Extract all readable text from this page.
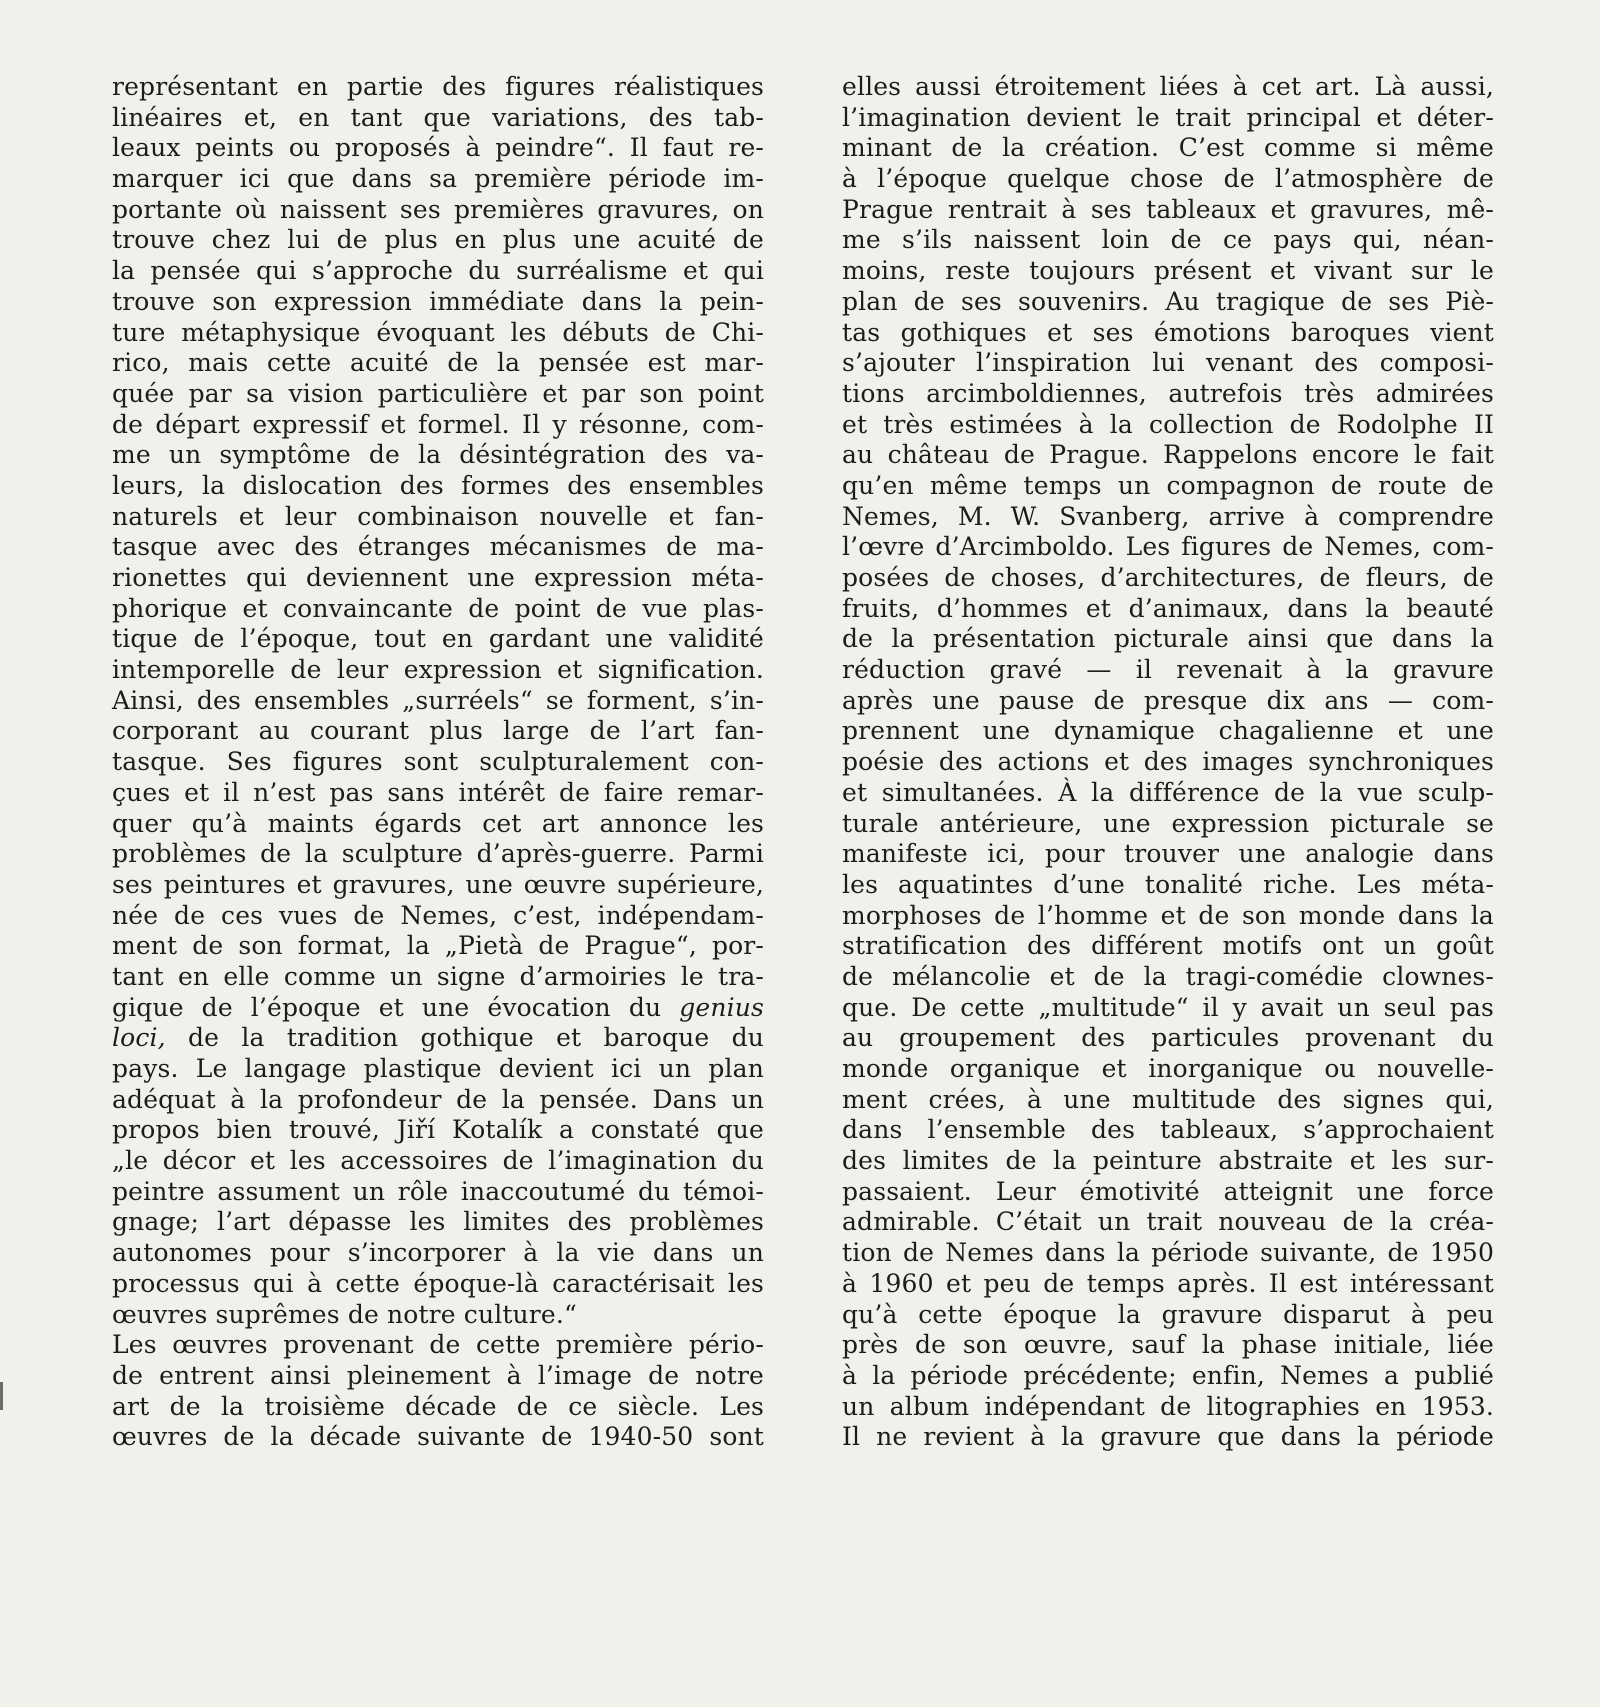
représentant en partie des figures réalistiques
linéaires et, en tant que variations, des tab-
leaux peints ou proposés à peindre“. Il faut re-
marquer ici que dans sa première période im-
portante où naissent ses premières gravures, on
trouve chez lui de plus en plus une acuité de
la pensée qui s’approche du surréalisme et qui
trouve son expression immédiate dans la pein-
ture métaphysique évoquant les débuts de Chi-
rico, mais cette acuité de la pensée est mar-
quée par sa vision particulière et par son point
de départ expressif et formel. Il y résonne, com-
me un symptôme de la désintégration des va-
leurs, la dislocation des formes des ensembles
naturels et leur combinaison nouvelle et fan-
tasque avec des étranges mécanismes de ma-
rionettes qui deviennent une expression méta-
phorique et convaincante de point de vue plas-
tique de l’époque, tout en gardant une validité
intemporelle de leur expression et signification.
Ainsi, des ensembles „surréels“ se forment, s’in-
corporant au courant plus large de l’art fan-
tasque. Ses figures sont sculpturalement con-
çues et il n’est pas sans intérêt de faire remar-
quer qu’à maints égards cet art annonce les
problèmes de la sculpture d’après-guerre. Parmi
ses peintures et gravures, une œuvre supérieure,
née de ces vues de Nemes, c’est, indépendam-
ment de son format, la „Pietà de Prague“, por-
tant en elle comme un signe d’armoiries le tra-
gique de l’époque et une évocation du genius
loci, de la tradition gothique et baroque du
pays. Le langage plastique devient ici un plan
adéquat à la profondeur de la pensée. Dans un
propos bien trouvé, Jiří Kotalík a constaté que
„le décor et les accessoires de l’imagination du
peintre assument un rôle inaccoutumé du témoi-
gnage; l’art dépasse les limites des problèmes
autonomes pour s’incorporer à la vie dans un
processus qui à cette époque-là caractérisait les
œuvres suprêmes de notre culture.“
Les œuvres provenant de cette première pério-
de entrent ainsi pleinement à l’image de notre
art de la troisième décade de ce siècle. Les
œuvres de la décade suivante de 1940-50 sont
elles aussi étroitement liées à cet art. Là aussi,
l’imagination devient le trait principal et déter-
minant de la création. C’est comme si même
à l’époque quelque chose de l’atmosphère de
Prague rentrait à ses tableaux et gravures, mê-
me s’ils naissent loin de ce pays qui, néan-
moins, reste toujours présent et vivant sur le
plan de ses souvenirs. Au tragique de ses Piè-
tas gothiques et ses émotions baroques vient
s’ajouter l’inspiration lui venant des composi-
tions arcimboldiennes, autrefois très admirées
et très estimées à la collection de Rodolphe II
au château de Prague. Rappelons encore le fait
qu’en même temps un compagnon de route de
Nemes, M. W. Svanberg, arrive à comprendre
l’œvre d’Arcimboldo. Les figures de Nemes, com-
posées de choses, d’architectures, de fleurs, de
fruits, d’hommes et d’animaux, dans la beauté
de la présentation picturale ainsi que dans la
réduction gravé — il revenait à la gravure
après une pause de presque dix ans — com-
prennent une dynamique chagalienne et une
poésie des actions et des images synchroniques
et simultanées. À la différence de la vue sculp-
turale antérieure, une expression picturale se
manifeste ici, pour trouver une analogie dans
les aquatintes d’une tonalité riche. Les méta-
morphoses de l’homme et de son monde dans la
stratification des différent motifs ont un goût
de mélancolie et de la tragi-comédie clownes-
que. De cette „multitude“ il y avait un seul pas
au groupement des particules provenant du
monde organique et inorganique ou nouvelle-
ment crées, à une multitude des signes qui,
dans l’ensemble des tableaux, s’approchaient
des limites de la peinture abstraite et les sur-
passaient. Leur émotivité atteignit une force
admirable. C’était un trait nouveau de la créa-
tion de Nemes dans la période suivante, de 1950
à 1960 et peu de temps après. Il est intéressant
qu’à cette époque la gravure disparut à peu
près de son œuvre, sauf la phase initiale, liée
à la période précédente; enfin, Nemes a publié
un album indépendant de litographies en 1953.
Il ne revient à la gravure que dans la période
